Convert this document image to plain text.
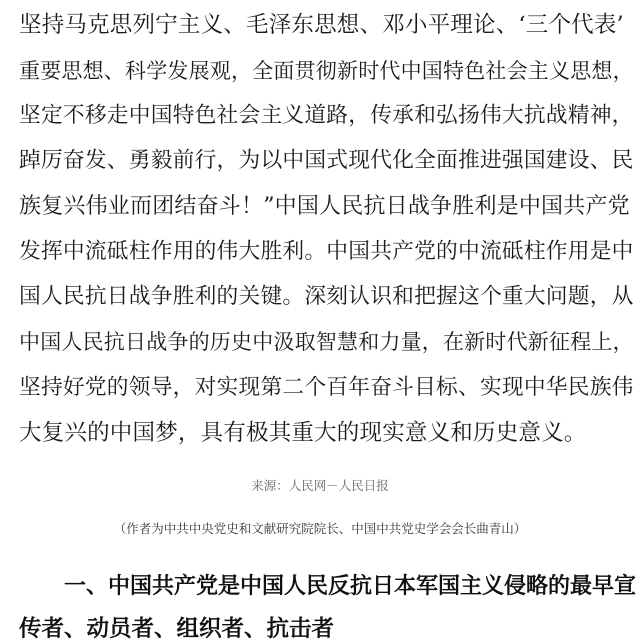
坚持马克思列宁主义、毛泽东思想、邓小平理论、‘三个代表’
重要思想、科学发展观，全面贯彻新时代中国特色社会主义思想，
坚定不移走中国特色社会主义道路，传承和弘扬伟大抗战精神，
踔厉奋发、勇毅前行，为以中国式现代化全面推进强国建设、民
族复兴伟业而团结奋斗！”中国人民抗日战争胜利是中国共产党
发挥中流砥柱作用的伟大胜利。中国共产党的中流砥柱作用是中
国人民抗日战争胜利的关键。深刻认识和把握这个重大问题，从
中国人民抗日战争的历史中汲取智慧和力量，在新时代新征程上，
坚持好党的领导，对实现第二个百年奋斗目标、实现中华民族伟
大复兴的中国梦，具有极其重大的现实意义和历史意义。
来源：人民网－人民日报
（作者为中共中央党史和文献研究院院长、中国中共党史学会会长曲青山）
一、中国共产党是中国人民反抗日本军国主义侵略的最早宣
传者、动员者、组织者、抗击者
